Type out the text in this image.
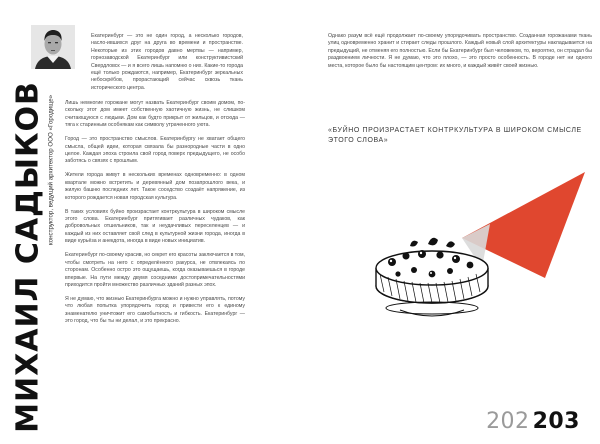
МИХАИЛ САДЫКОВ конструктор, ведущий архитектор ООО «Городище»

Екатеринбург — это не один город, а несколько городов, насло-ившихся друг на друга во времени и пространстве. Некоторые из этих городов давно мертвы — например, горнозаводской Екатеринбург или конструктивистский Свердловск — и я всего лишь напомню о них. Какие-то города ещё только рождаются, например, Екатеринбург зеркальных небоскрёбов, прорастающий сейчас сквозь ткань исторического центра.

Лишь немногие горожане могут назвать Екатеринбург своим домом, по-скольку этот дом имеет собственную хаотичную жизнь, не слишком считающуюся с людьми. Дом как будто прикрыт от жильцов, и отсюда — тяга к старинным особнякам как символу утраченного уюта.

Город — это пространство смыслов. Екатеринбургу не хватает общего смысла, общей идеи, которая связала бы разнородные части в одно целое. Каждая эпоха строила свой город поверх предыдущего, не особо заботясь о связях с прошлым.

Жители города живут в нескольких временах одновременно: в одном квартале можно встретить и деревянный дом позапрошлого века, и жилую башню последних лет. Такое соседство создаёт напряжение, из которого рождается новая городская культура.

В таких условиях буйно произрастает контркультура в широком смысле этого слова. Екатеринбург притягивает различных чудаков, как добровольных отшельников, так и неудачливых переселенцев — и каждый из них оставляет свой след в культурной жизни города, иногда в виде курьёза и анекдота, иногда в виде новых инициатив.

Екатеринбург по-своему красив, но секрет его красоты заключается в том, чтобы смотреть на него с определённого ракурса, не отвлекаясь по сторонам. Особенно остро это ощущаешь, когда оказываешься в городе впервые. На пути между двумя соседними достопримечательностями приходится пройти множество различных зданий разных эпох.

Я не думаю, что жизнью Екатеринбурга можно и нужно управлять, потому что любая попытка упорядочить город и привести его к единому знаменателю уничтожит его самобытность и гибкость. Екатеринбург — это город, что бы ты ни делал, и это прекрасно.

Однако разум всё ещё продолжает по-своему упорядочивать пространство. Созданная горожанами ткань улиц одновременно хранит и стирает следы прошлого. Каждый новый слой архитектуры накладывается на предыдущий, не отменяя его полностью. Если бы Екатеринбург был человеком, то, вероятно, он страдал бы раздвоением личности. Я не думаю, что это плохо, — это просто особенность. В городе нет ни одного места, которое было бы настоящим центром: их много, и каждый живёт своей жизнью.

«БУЙНО ПРОИЗРАСТАЕТ КОНТРКУЛЬТУРА В ШИРОКОМ СМЫСЛЕ ЭТОГО СЛОВА»
202 203
